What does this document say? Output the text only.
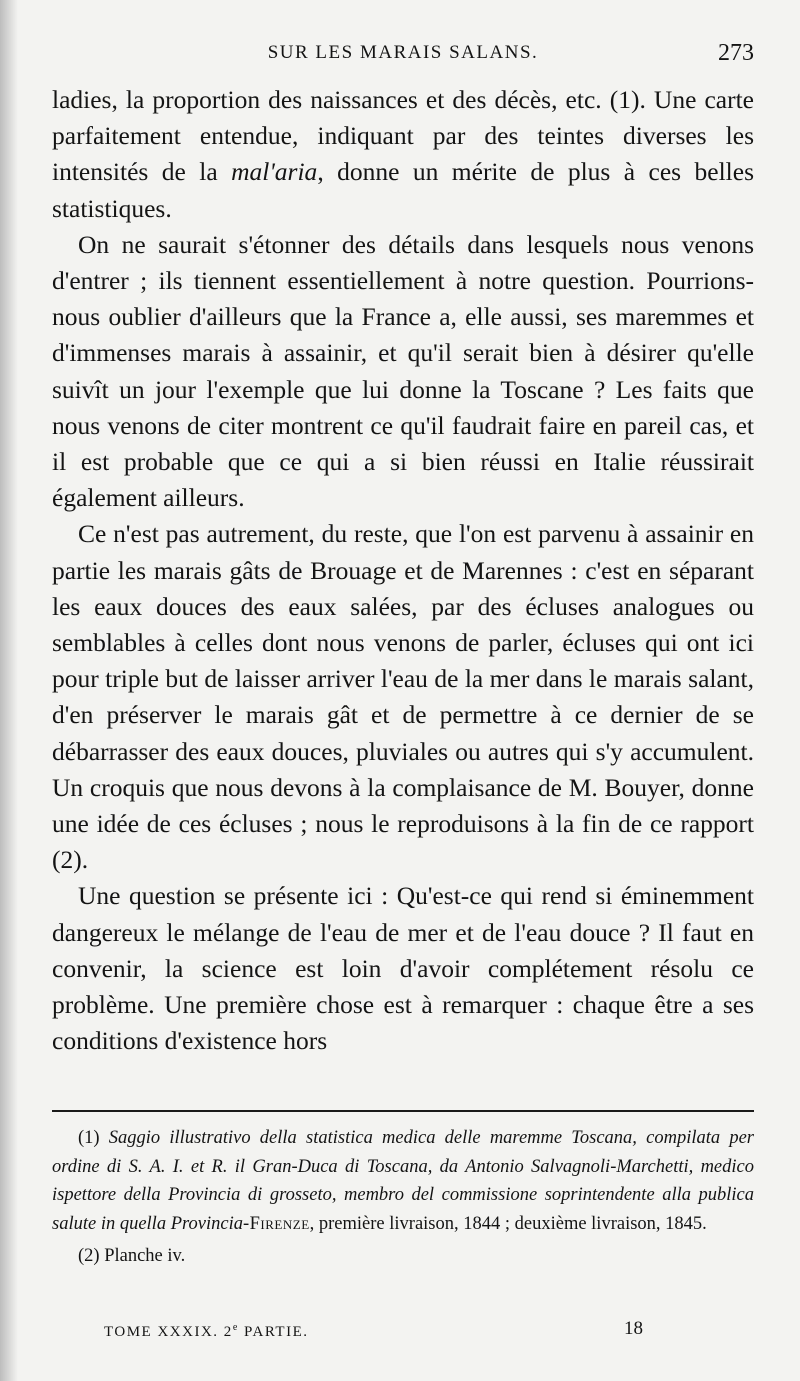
SUR LES MARAIS SALANS.	273

ladies, la proportion des naissances et des décès, etc. (1). Une carte parfaitement entendue, indiquant par des teintes diverses les intensités de la mal'aria, donne un mérite de plus à ces belles statistiques.

On ne saurait s'étonner des détails dans lesquels nous venons d'entrer ; ils tiennent essentiellement à notre question. Pourrions-nous oublier d'ailleurs que la France a, elle aussi, ses maremmes et d'immenses marais à assainir, et qu'il serait bien à désirer qu'elle suivît un jour l'exemple que lui donne la Toscane ? Les faits que nous venons de citer montrent ce qu'il faudrait faire en pareil cas, et il est probable que ce qui a si bien réussi en Italie réussirait également ailleurs.

Ce n'est pas autrement, du reste, que l'on est parvenu à assainir en partie les marais gâts de Brouage et de Marennes : c'est en séparant les eaux douces des eaux salées, par des écluses analogues ou semblables à celles dont nous venons de parler, écluses qui ont ici pour triple but de laisser arriver l'eau de la mer dans le marais salant, d'en préserver le marais gât et de permettre à ce dernier de se débarrasser des eaux douces, pluviales ou autres qui s'y accumulent. Un croquis que nous devons à la complaisance de M. Bouyer, donne une idée de ces écluses ; nous le reproduisons à la fin de ce rapport (2).

Une question se présente ici : Qu'est-ce qui rend si éminemment dangereux le mélange de l'eau de mer et de l'eau douce ? Il faut en convenir, la science est loin d'avoir complétement résolu ce problème. Une première chose est à remarquer : chaque être a ses conditions d'existence hors

(1) Saggio illustrativo della statistica medica delle maremme Toscana, compilata per ordine di S. A. I. et R. il Gran-Duca di Toscana, da Antonio Salvagnoli-Marchetti, medico ispettore della Provincia di grosseto, membro del commissione soprintendente alla publica salute in quella Provincia-Firenze, première livraison, 1844 ; deuxième livraison, 1845.

(2) Planche iv.

TOME XXXIX. 2e PARTIE.	18
